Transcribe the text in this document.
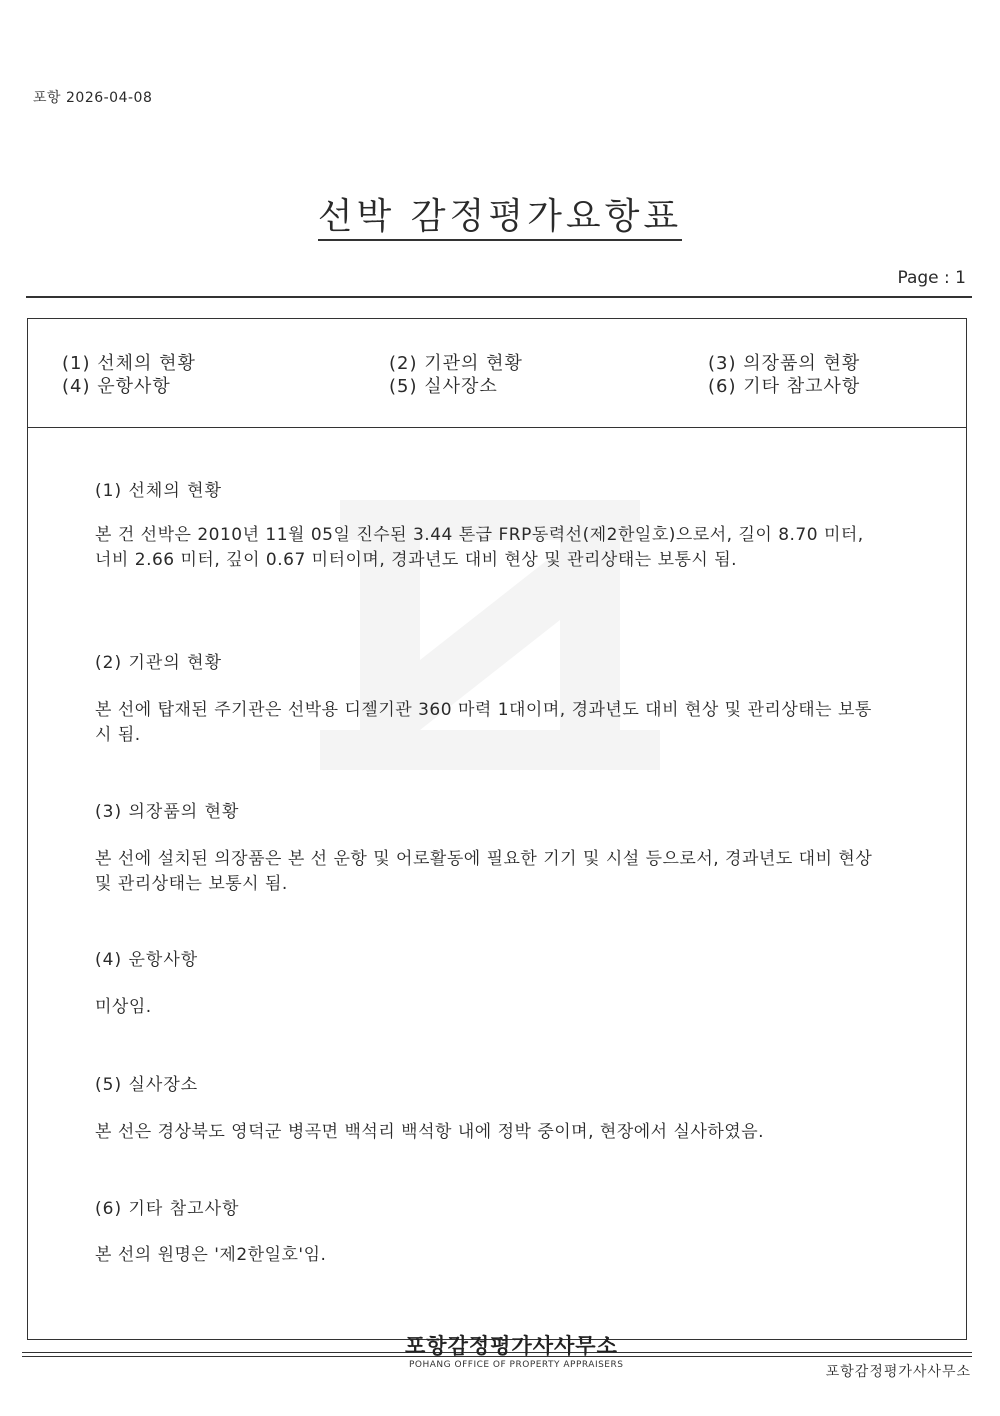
포항 2026-04-08
선박 감정평가요항표
Page : 1
(1) 선체의 현황	(2) 기관의 현황	(3) 의장품의 현황
(4) 운항사항	(5) 실사장소	(6) 기타 참고사항
(1) 선체의 현황

본 건 선박은 2010년 11월 05일 진수된 3.44 톤급 FRP동력선(제2한일호)으로서, 길이 8.70 미터, 너비 2.66 미터, 깊이 0.67 미터이며, 경과년도 대비 현상 및 관리상태는 보통시 됨.

(2) 기관의 현황

본 선에 탑재된 주기관은 선박용 디젤기관 360 마력 1대이며, 경과년도 대비 현상 및 관리상태는 보통시 됨.

(3) 의장품의 현황

본 선에 설치된 의장품은 본 선 운항 및 어로활동에 필요한 기기 및 시설 등으로서, 경과년도 대비 현상 및 관리상태는 보통시 됨.

(4) 운항사항

미상임.

(5) 실사장소

본 선은 경상북도 영덕군 병곡면 백석리 백석항 내에 정박 중이며, 현장에서 실사하였음.

(6) 기타 참고사항

본 선의 원명은 '제2한일호'임.

포항감정평가사사무소
POHANG OFFICE OF PROPERTY APPRAISERS	포항감정평가사사무소
